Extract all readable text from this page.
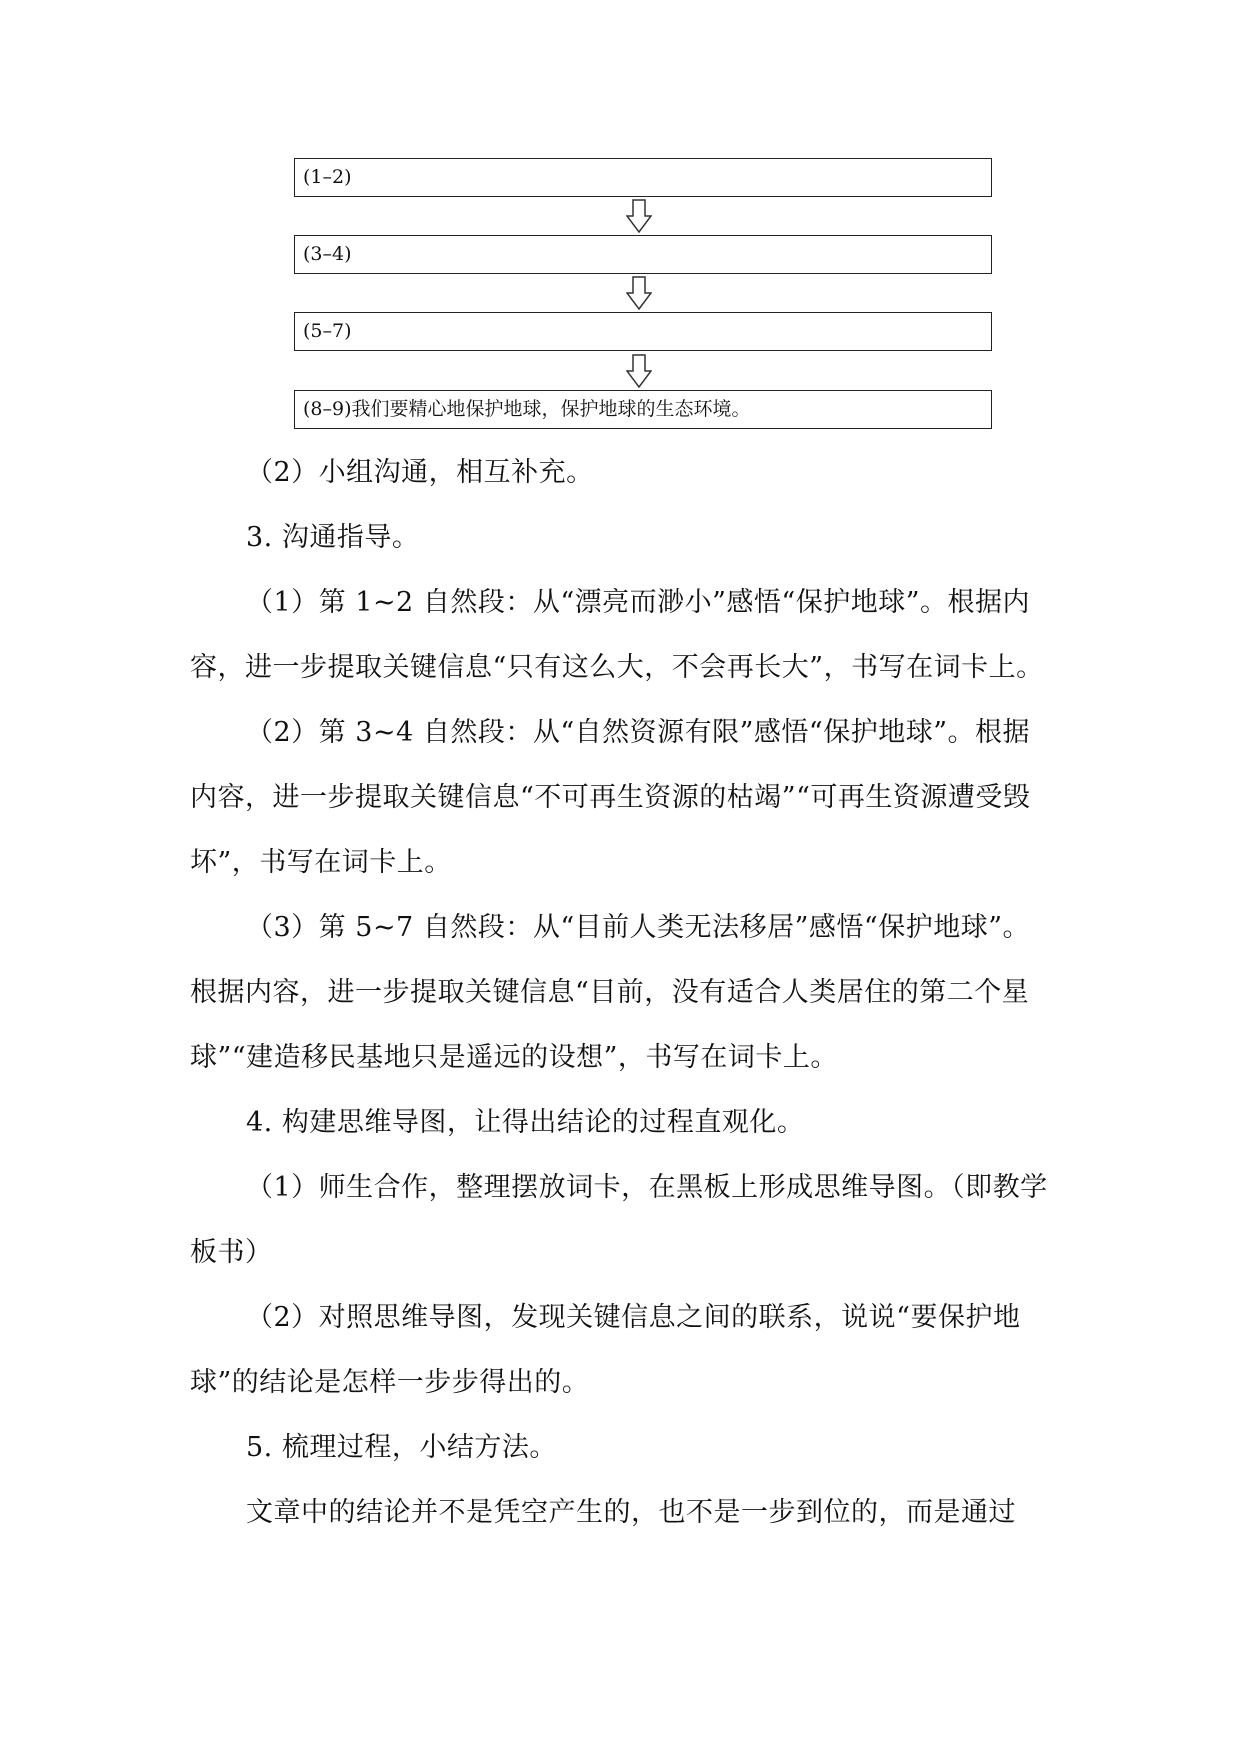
(1–2)
(3–4)
(5–7)
(8–9)我们要精心地保护地球，保护地球的生态环境。

（2）小组沟通，相互补充。

3. 沟通指导。

（1）第 1~2 自然段：从“漂亮而渺小”感悟“保护地球”。根据内容，进一步提取关键信息“只有这么大，不会再长大”，书写在词卡上。

（2）第 3~4 自然段：从“自然资源有限”感悟“保护地球”。根据内容，进一步提取关键信息“不可再生资源的枯竭”“可再生资源遭受毁坏”，书写在词卡上。

（3）第 5~7 自然段：从“目前人类无法移居”感悟“保护地球”。根据内容，进一步提取关键信息“目前，没有适合人类居住的第二个星球”“建造移民基地只是遥远的设想”，书写在词卡上。

4. 构建思维导图，让得出结论的过程直观化。

（1）师生合作，整理摆放词卡，在黑板上形成思维导图。（即教学板书）

（2）对照思维导图，发现关键信息之间的联系，说说“要保护地球”的结论是怎样一步步得出的。

5. 梳理过程，小结方法。

文章中的结论并不是凭空产生的，也不是一步到位的，而是通过
